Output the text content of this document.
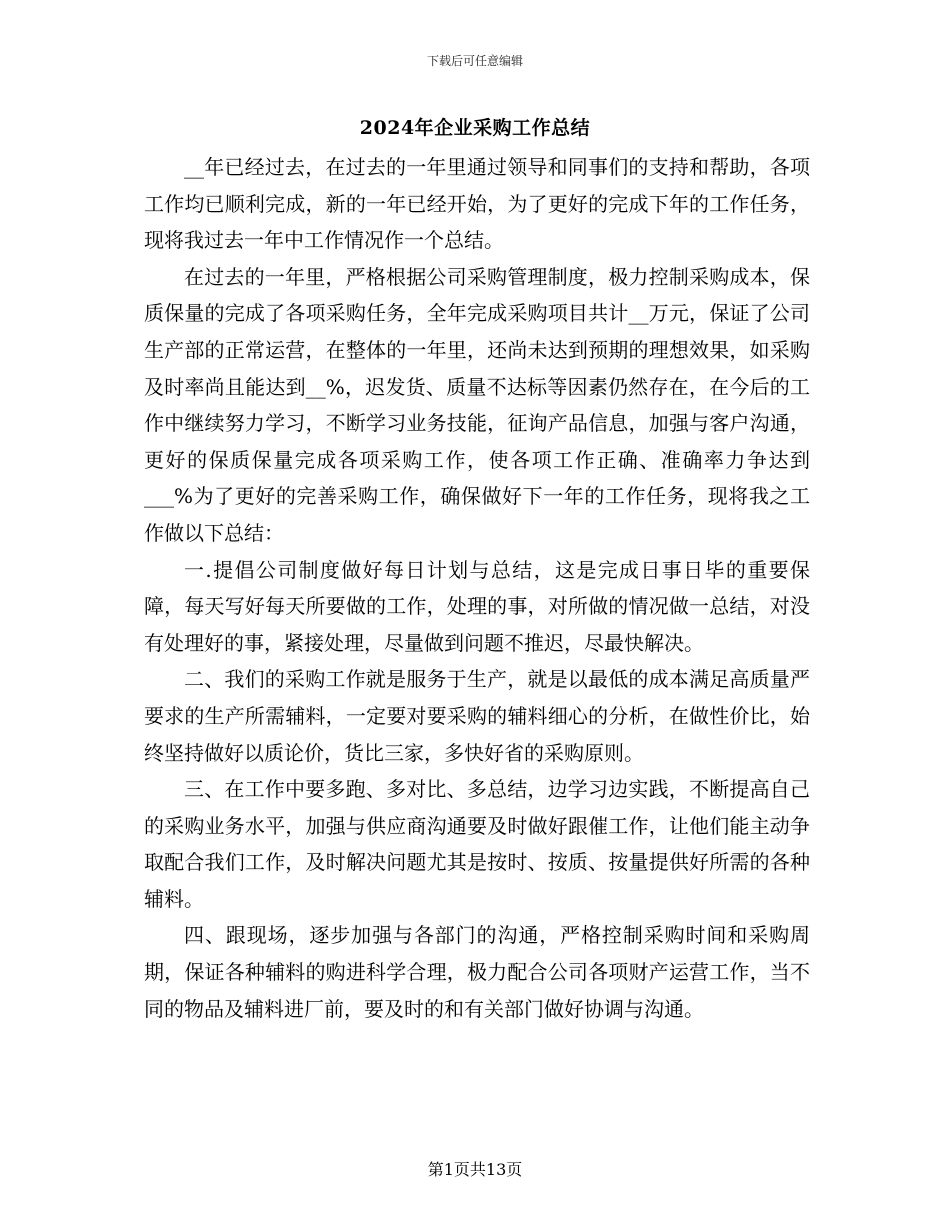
下载后可任意编辑
2024年企业采购工作总结

__年已经过去，在过去的一年里通过领导和同事们的支持和帮助，各项工作均已顺利完成，新的一年已经开始，为了更好的完成下年的工作任务，现将我过去一年中工作情况作一个总结。

在过去的一年里，严格根据公司采购管理制度，极力控制采购成本，保质保量的完成了各项采购任务，全年完成采购项目共计__万元，保证了公司生产部的正常运营，在整体的一年里，还尚未达到预期的理想效果，如采购及时率尚且能达到__%，迟发货、质量不达标等因素仍然存在，在今后的工作中继续努力学习，不断学习业务技能，征询产品信息，加强与客户沟通，更好的保质保量完成各项采购工作，使各项工作正确、准确率力争达到___%为了更好的完善采购工作，确保做好下一年的工作任务，现将我之工作做以下总结：

一.提倡公司制度做好每日计划与总结，这是完成日事日毕的重要保障，每天写好每天所要做的工作，处理的事，对所做的情况做一总结，对没有处理好的事，紧接处理，尽量做到问题不推迟，尽最快解决。

二、我们的采购工作就是服务于生产，就是以最低的成本满足高质量严要求的生产所需辅料，一定要对要采购的辅料细心的分析，在做性价比，始终坚持做好以质论价，货比三家，多快好省的采购原则。

三、在工作中要多跑、多对比、多总结，边学习边实践，不断提高自己的采购业务水平，加强与供应商沟通要及时做好跟催工作，让他们能主动争取配合我们工作，及时解决问题尤其是按时、按质、按量提供好所需的各种辅料。

四、跟现场，逐步加强与各部门的沟通，严格控制采购时间和采购周期，保证各种辅料的购进科学合理，极力配合公司各项财产运营工作，当不同的物品及辅料进厂前，要及时的和有关部门做好协调与沟通。

第1页共13页
